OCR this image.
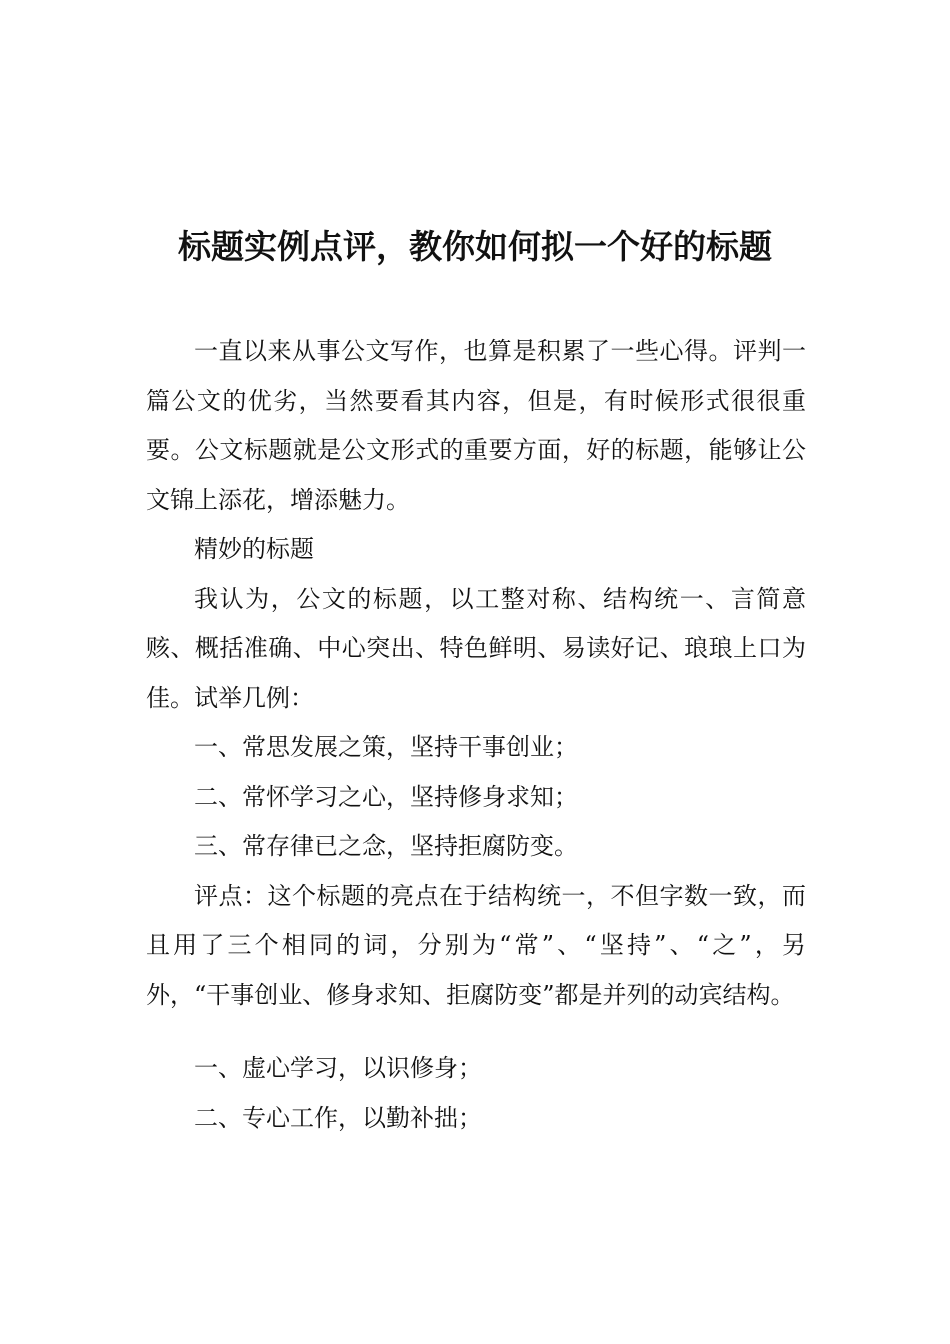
标题实例点评，教你如何拟一个好的标题

一直以来从事公文写作，也算是积累了一些心得。评判一篇公文的优劣，当然要看其内容，但是，有时候形式很很重要。公文标题就是公文形式的重要方面，好的标题，能够让公文锦上添花，增添魅力。

精妙的标题

我认为，公文的标题，以工整对称、结构统一、言简意赅、概括准确、中心突出、特色鲜明、易读好记、琅琅上口为佳。试举几例：

一、常思发展之策，坚持干事创业；

二、常怀学习之心，坚持修身求知；

三、常存律已之念，坚持拒腐防变。

评点：这个标题的亮点在于结构统一，不但字数一致，而且用了三个相同的词，分别为“常”、“坚持”、“之”，另外，“干事创业、修身求知、拒腐防变”都是并列的动宾结构。

一、虚心学习，以识修身；

二、专心工作，以勤补拙；
